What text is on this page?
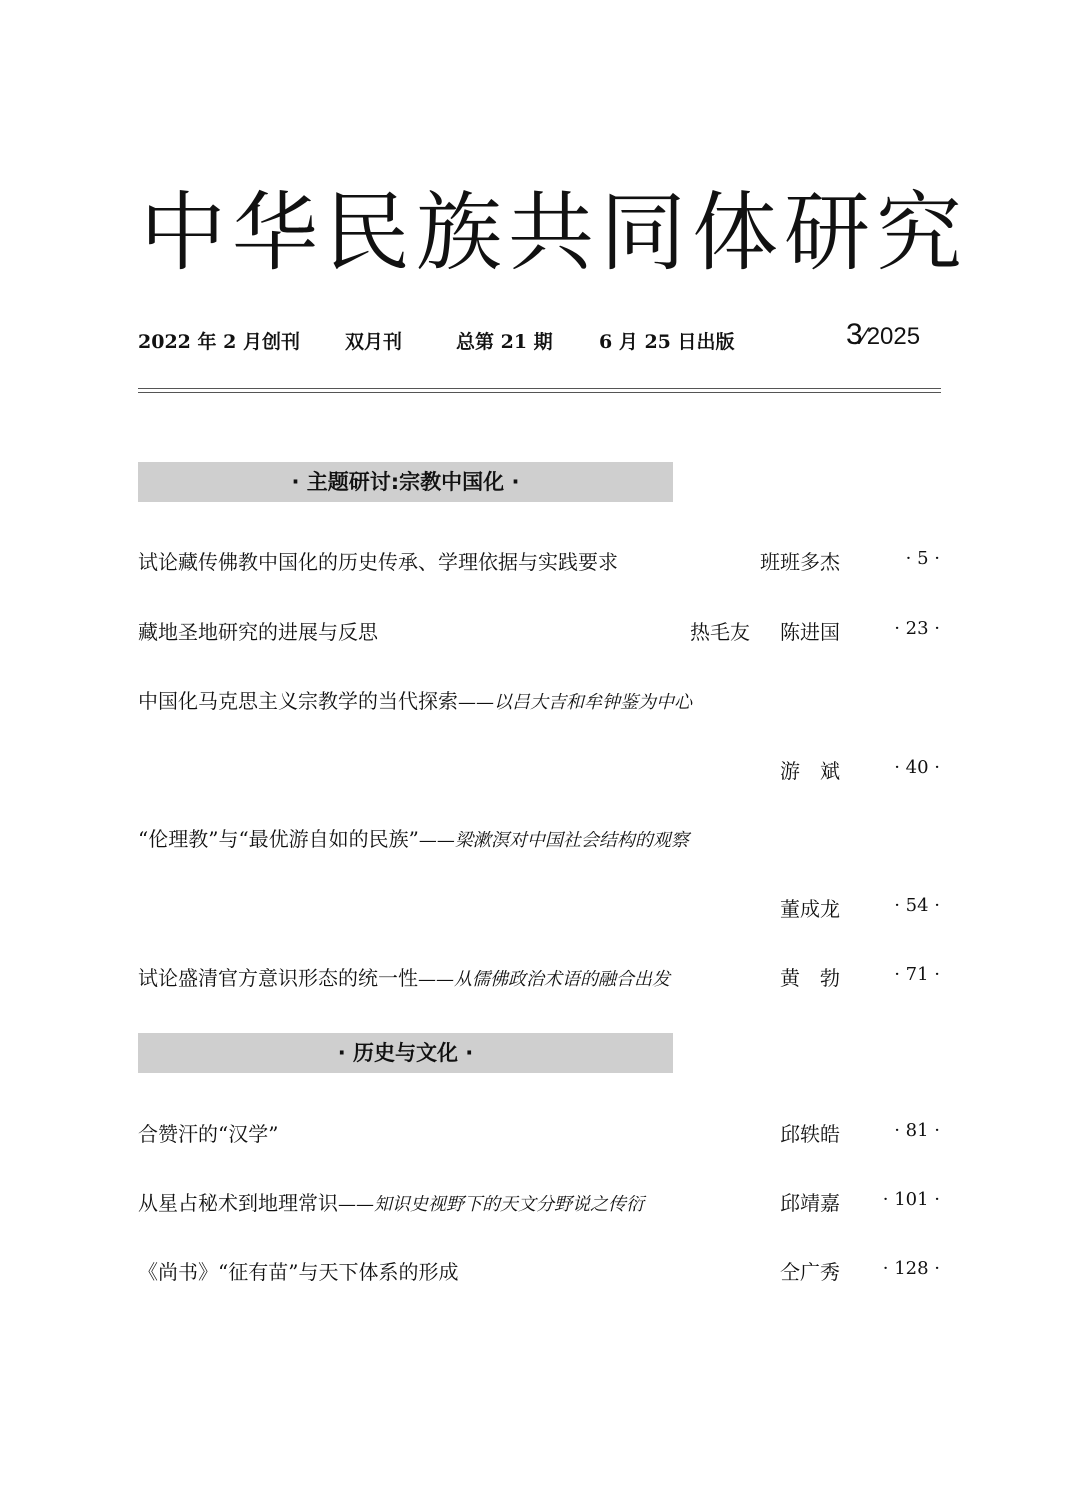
中华民族共同体研究
2022 年 2 月创刊 双月刊	总第 21 期 6 月 25 日出版	3⁄2025
· 主题研讨:宗教中国化 ·
试论藏传佛教中国化的历史传承、学理依据与实践要求	班班多杰	· 5 ·
藏地圣地研究的进展与反思	热毛友 陈进国	· 23 ·
中国化马克思主义宗教学的当代探索——以吕大吉和牟钟鉴为中心
游　斌	· 40 ·
“伦理教”与“最优游自如的民族”——梁漱溟对中国社会结构的观察
董成龙	· 54 ·
试论盛清官方意识形态的统一性——从儒佛政治术语的融合出发	黄　勃	· 71 ·
· 历史与文化 ·
合赞汗的“汉学”	邱轶皓	· 81 ·
从星占秘术到地理常识——知识史视野下的天文分野说之传衍	邱靖嘉	· 101 ·
《尚书》“征有苗”与天下体系的形成	仝广秀	· 128 ·
